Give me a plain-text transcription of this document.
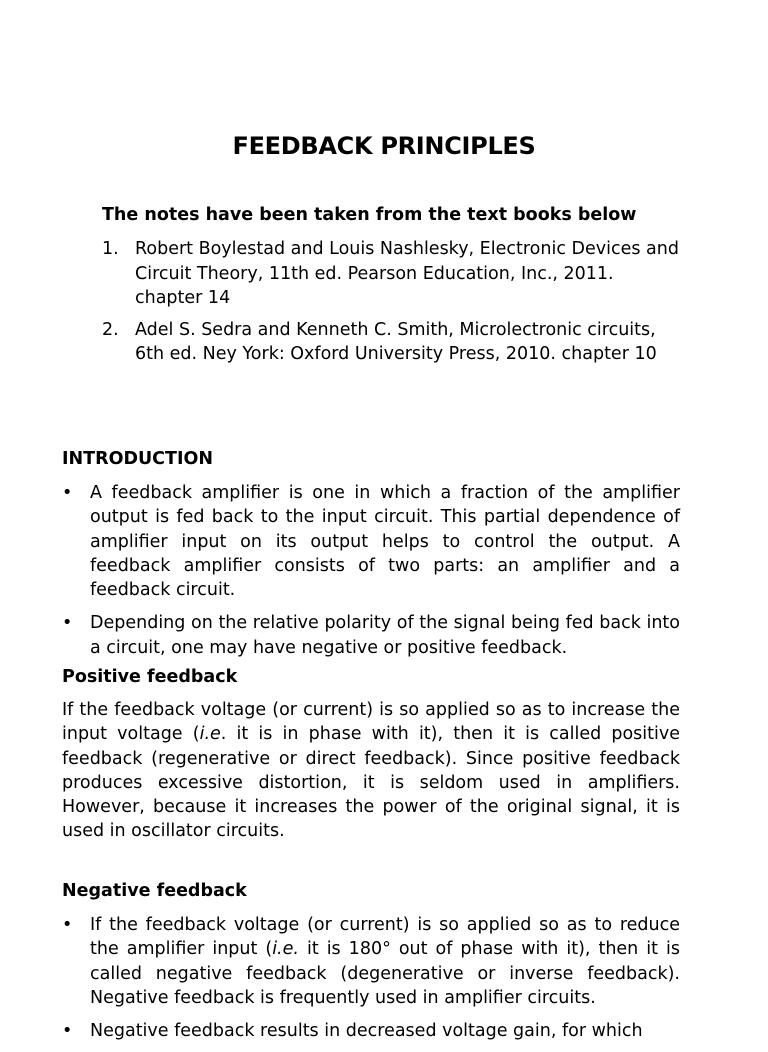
FEEDBACK PRINCIPLES
The notes have been taken from the text books below
1. Robert Boylestad and Louis Nashlesky, Electronic Devices and Circuit Theory, 11th ed. Pearson Education, Inc., 2011. chapter 14
2. Adel S. Sedra and Kenneth C. Smith, Microlectronic circuits, 6th ed. Ney York: Oxford University Press, 2010. chapter 10
INTRODUCTION
• A feedback amplifier is one in which a fraction of the amplifier output is fed back to the input circuit. This partial dependence of amplifier input on its output helps to control the output. A feedback amplifier consists of two parts: an amplifier and a feedback circuit.
• Depending on the relative polarity of the signal being fed back into a circuit, one may have negative or positive feedback.
Positive feedback

If the feedback voltage (or current) is so applied so as to increase the input voltage (i.e. it is in phase with it), then it is called positive feedback (regenerative or direct feedback). Since positive feedback produces excessive distortion, it is seldom used in amplifiers. However, because it increases the power of the original signal, it is used in oscillator circuits.

Negative feedback
• If the feedback voltage (or current) is so applied so as to reduce the amplifier input (i.e. it is 180° out of phase with it), then it is called negative feedback (degenerative or inverse feedback). Negative feedback is frequently used in amplifier circuits.
• Negative feedback results in decreased voltage gain, for which
